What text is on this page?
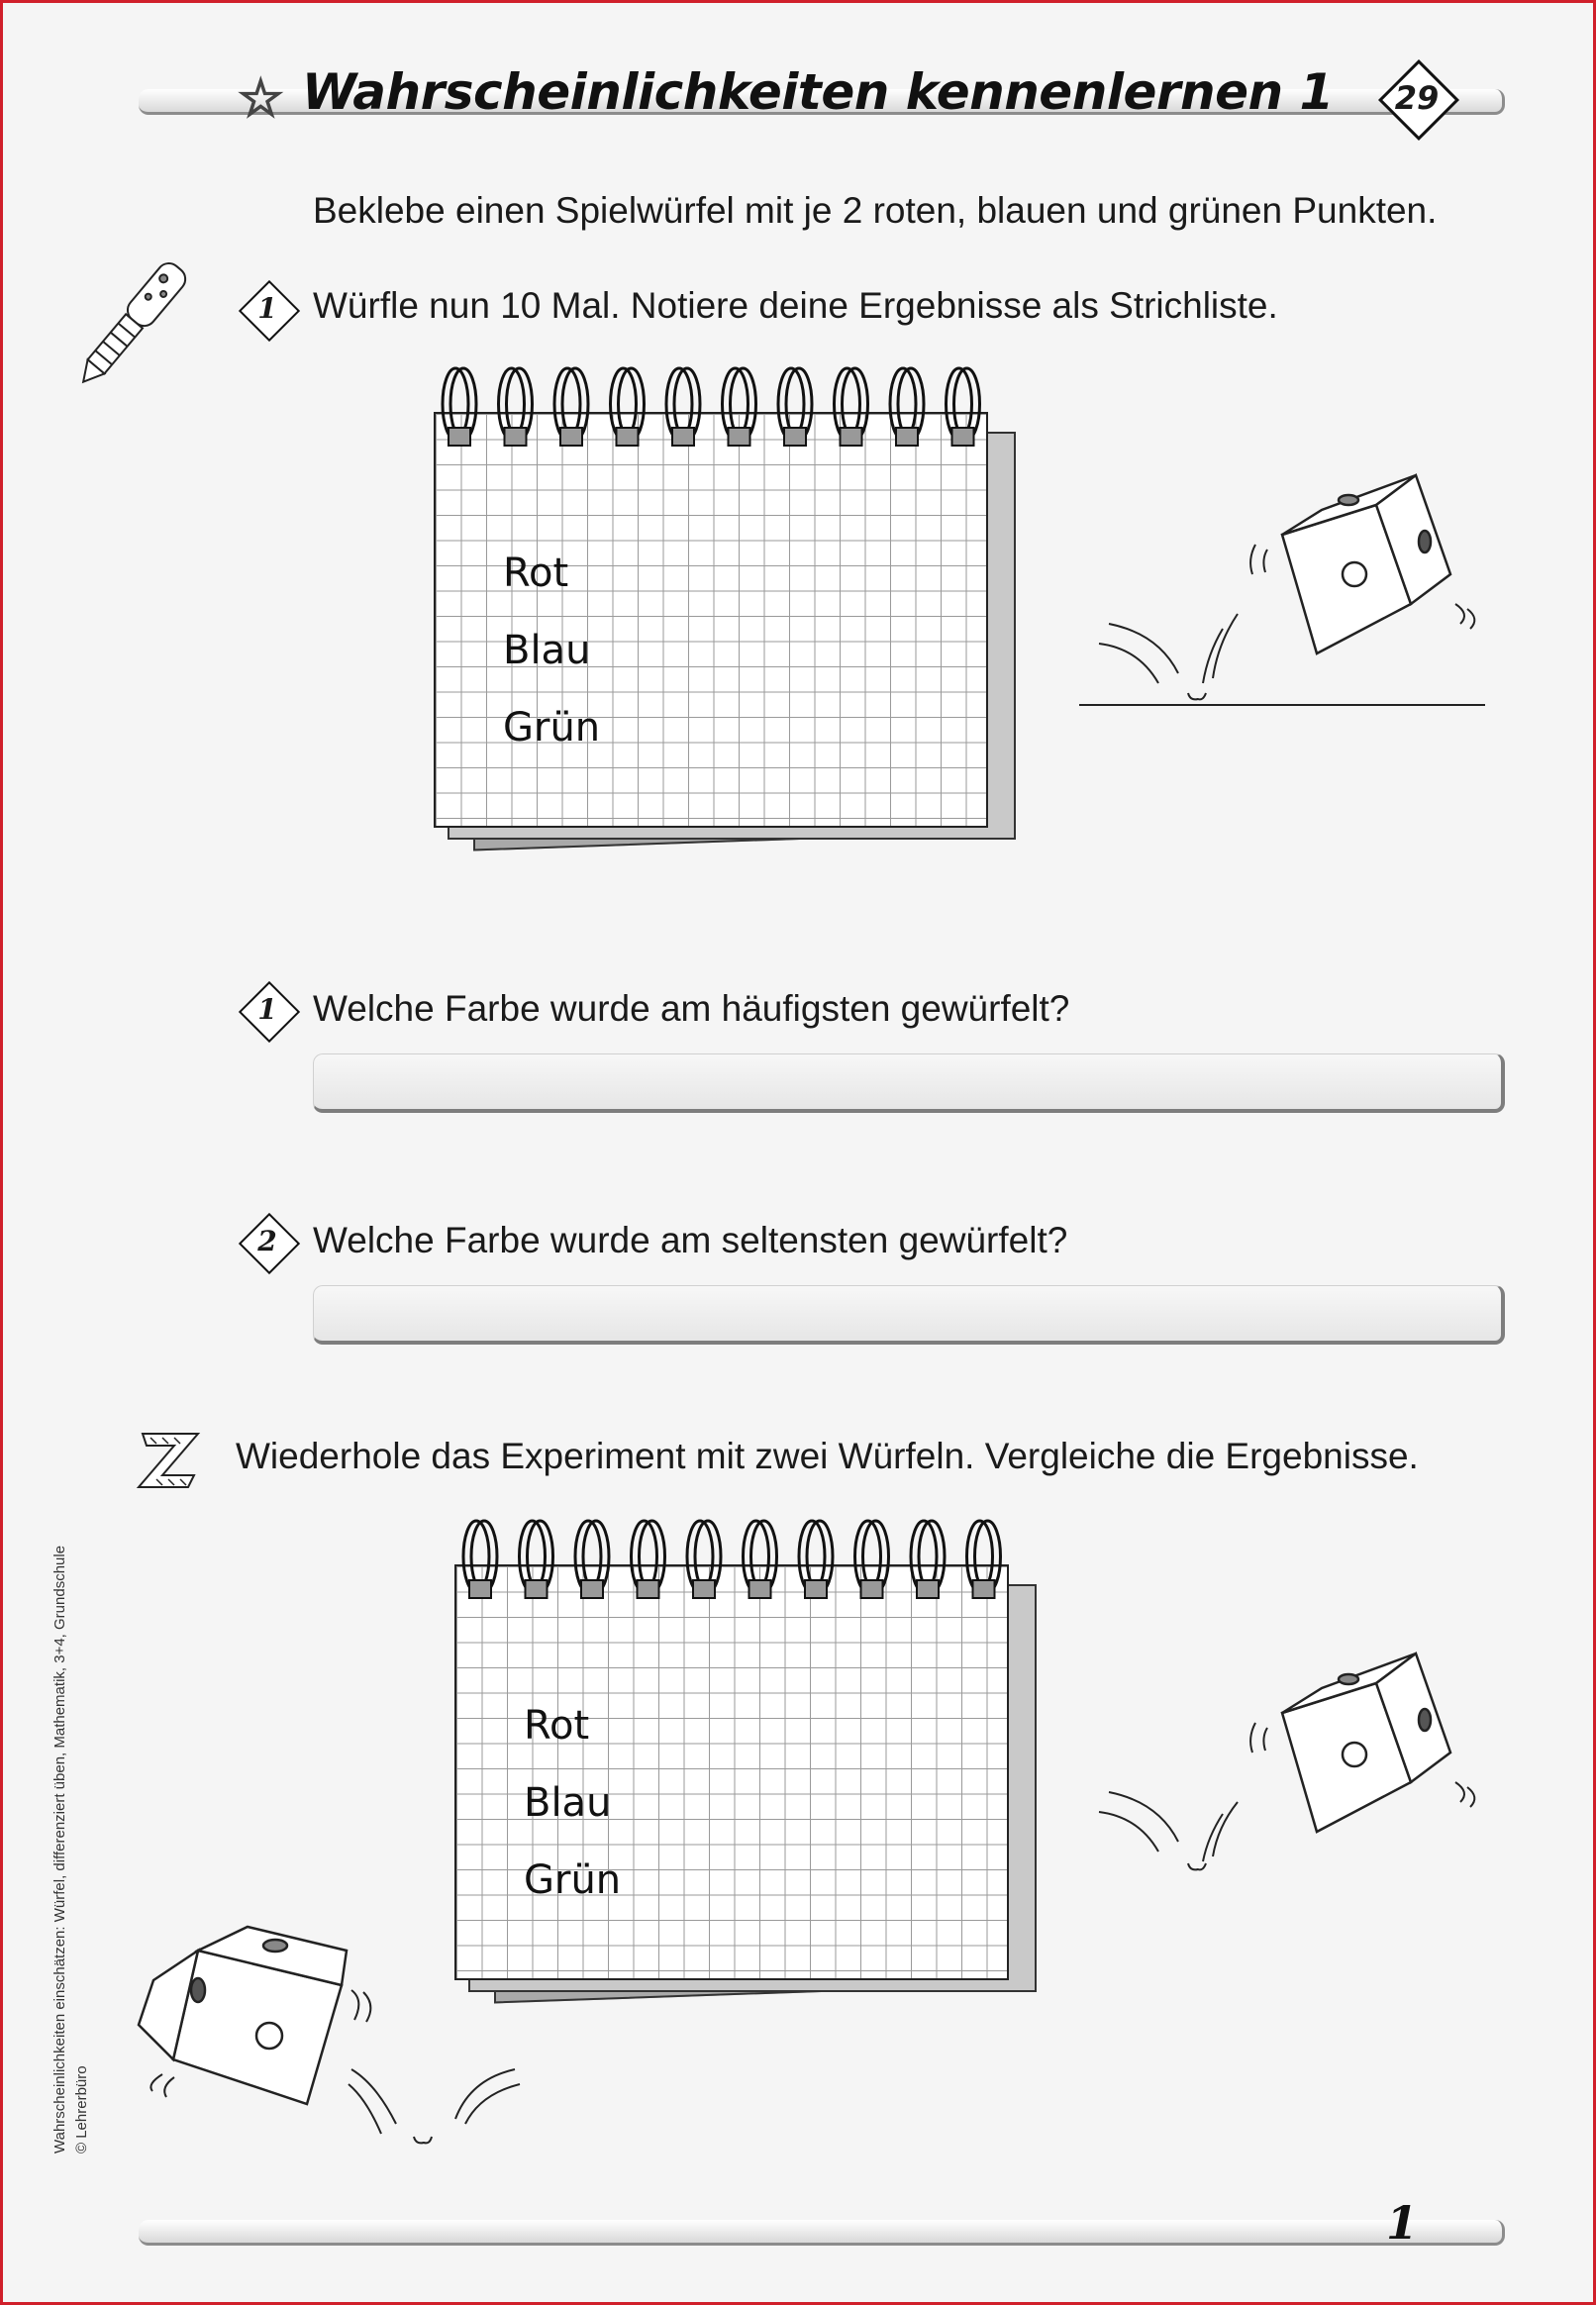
☆ Wahrscheinlichkeiten kennenlernen 1	29
Beklebe einen Spielwürfel mit je 2 roten, blauen und grünen Punkten.
1 Würfle nun 10 Mal. Notiere deine Ergebnisse als Strichliste.
Rot
Blau
Grün
1 Welche Farbe wurde am häufigsten gewürfelt?
2 Welche Farbe wurde am seltensten gewürfelt?
Wiederhole das Experiment mit zwei Würfeln. Vergleiche die Ergebnisse.
Rot
Blau
Grün
1
Wahrscheinlichkeiten einschätzen: Würfel, differenziert üben, Mathematik, 3+4, Grundschule © Lehrerbüro
